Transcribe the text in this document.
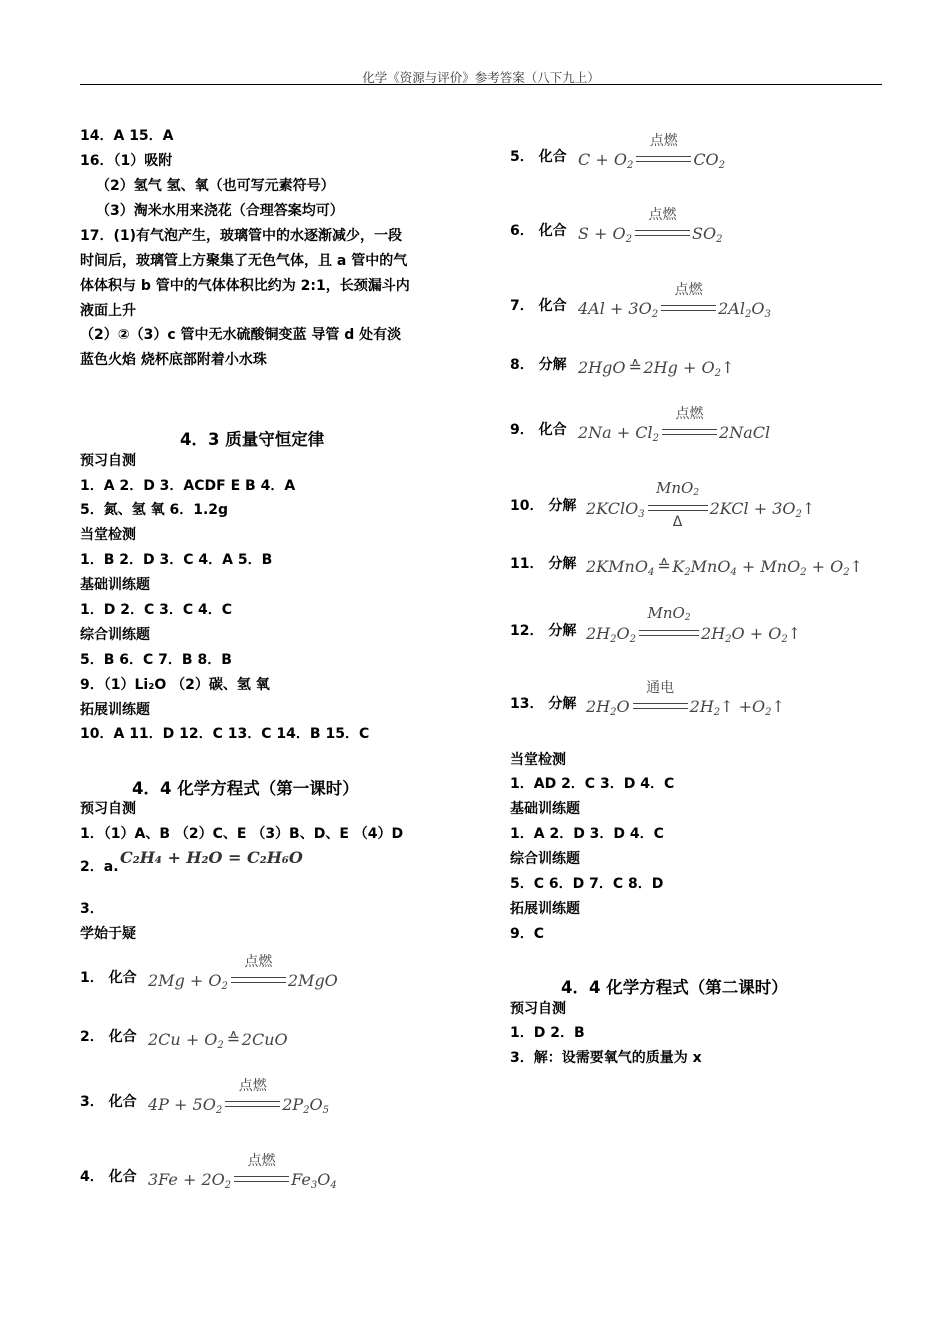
化学《资源与评价》参考答案（八下九上）
14．A 15．A
16．（1）吸附
（2）氢气 氢、氧（也可写元素符号）
（3）淘米水用来浇花（合理答案均可）
17．(1)有气泡产生，玻璃管中的水逐渐减少，一段
时间后，玻璃管上方聚集了无色气体，且 a 管中的气
体体积与 b 管中的气体体积比约为 2:1，长颈漏斗内
液面上升
（2）②（3）c 管中无水硫酸铜变蓝 导管 d 处有淡
蓝色火焰 烧杯底部附着小水珠
4．3 质量守恒定律
预习自测
1．A 2．D 3．ACDF E B 4．A
5．氮、氢 氧 6．1.2g
当堂检测
1．B 2．D 3．C 4．A 5．B
基础训练题
1．D 2．C 3．C 4．C
综合训练题
5．B 6．C 7．B 8．B
9．（1）Li₂O （2）碳、氢 氧
拓展训练题
10．A 11．D 12．C 13．C 14．B 15．C
4．4 化学方程式（第一课时）
预习自测
1．（1）A、B （2）C、E （3）B、D、E （4）D
2．a. C₂H₄ + H₂O = C₂H₆O
3．
学始于疑
1． 化合 $2Mg + O_2$
点燃
2MgO
2． 化合 $2Cu + O_2$ ≙ 2CuO
3． 化合 $4P + 5O_2$
点燃
$2P_2O_5$
4． 化合 $3Fe + 2O_2$
点燃
$Fe_3O_4$
5． 化合 $C + O_2$
点燃
$CO_2$
6． 化合 $S + O_2$
点燃
$SO_2$
7． 化合 $4Al + 3O_2$
点燃
$2Al_2O_3$
8． 分解 2HgO ≙ $2Hg + O_2↑$
9． 化合 $2Na + Cl_2$
点燃
2NaCl
10． 分解 2KClO$_3$
MnO$_2$
Δ
$2KCl + 3O_2↑$
11． 分解 2KMnO$_4$ ≙ $K_2MnO_4 + MnO_2$ + $O_2↑$
12． 分解 $2H_2O_2$
MnO$_2$
$2H_2O$ + $O_2↑$
13． 分解 $2H_2O$
通电
$2H_2↑$ $+O_2↑$
当堂检测
1．AD 2．C 3．D 4．C
基础训练题
1．A 2．D 3．D 4．C
综合训练题
5．C 6．D 7．C 8．D
拓展训练题
9．C
4．4 化学方程式（第二课时）
预习自测
1．D 2．B
3．解：设需要氧气的质量为 x
